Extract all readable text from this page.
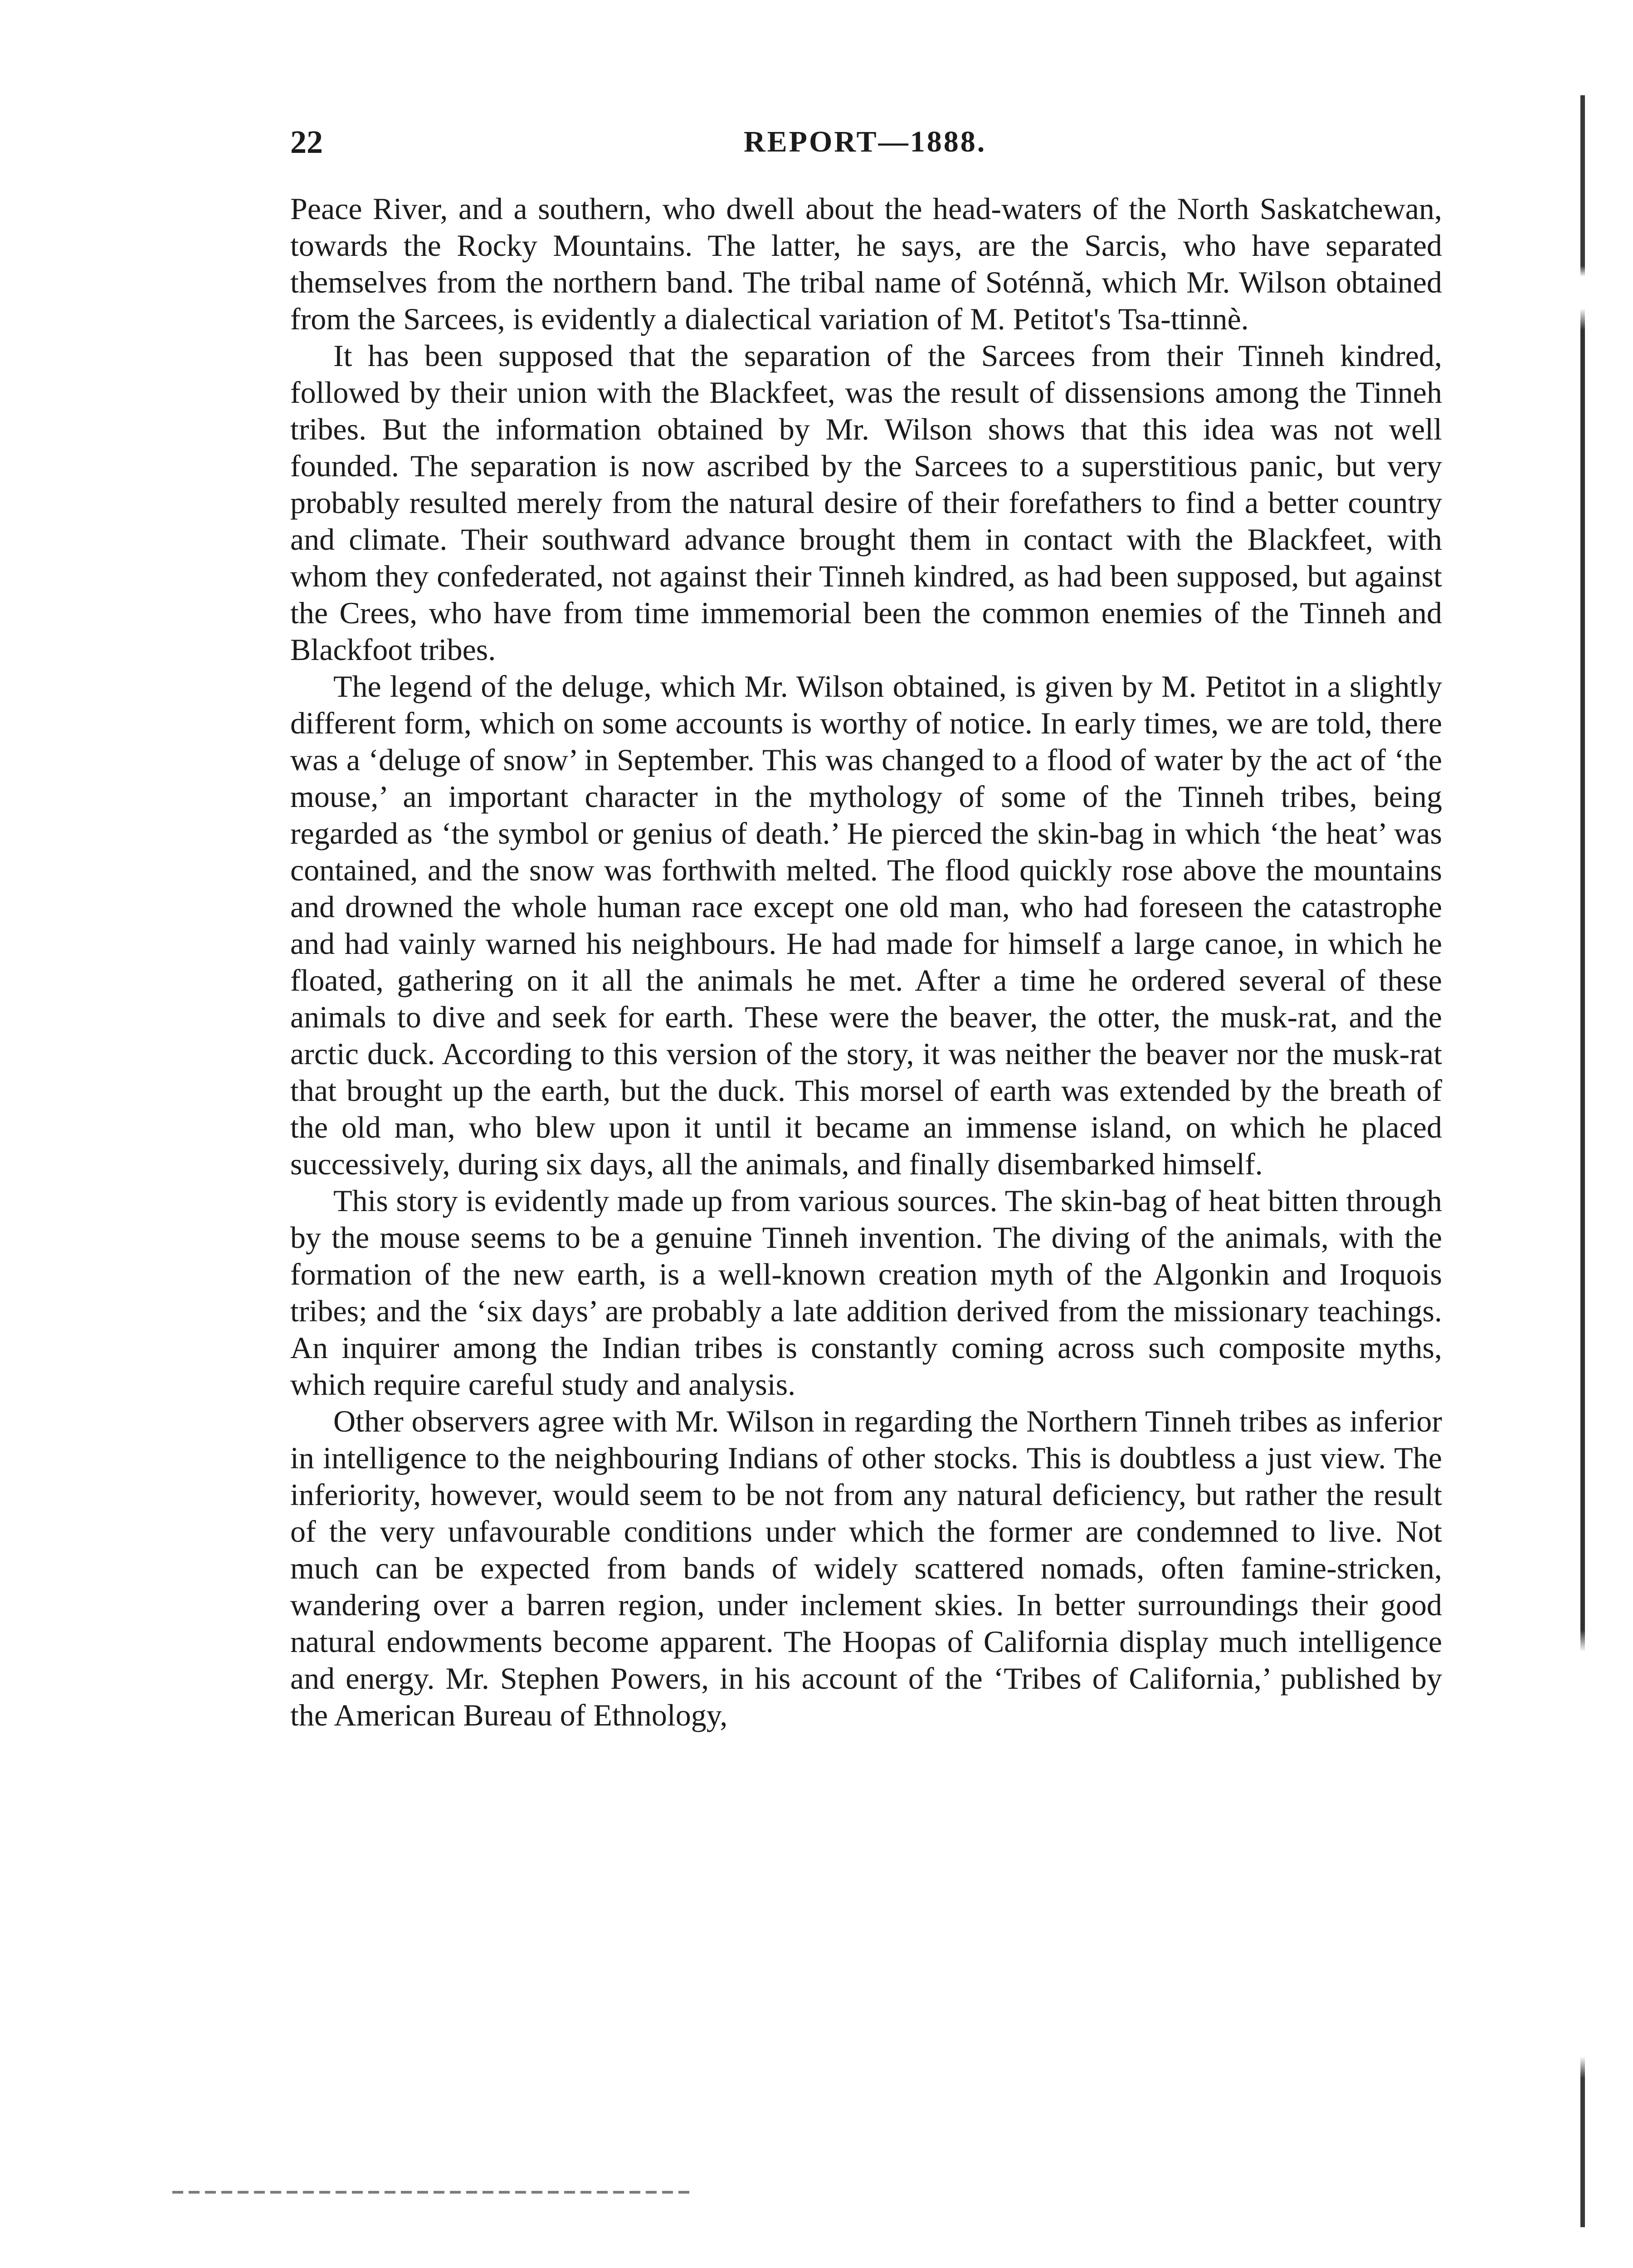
22	REPORT—1888.

Peace River, and a southern, who dwell about the head-waters of the North Saskatchewan, towards the Rocky Mountains. The latter, he says, are the Sarcis, who have separated themselves from the northern band. The tribal name of Soténnă, which Mr. Wilson obtained from the Sarcees, is evidently a dialectical variation of M. Petitot's Tsa-ttinnè.

It has been supposed that the separation of the Sarcees from their Tinneh kindred, followed by their union with the Blackfeet, was the result of dissensions among the Tinneh tribes. But the information obtained by Mr. Wilson shows that this idea was not well founded. The separation is now ascribed by the Sarcees to a superstitious panic, but very probably resulted merely from the natural desire of their forefathers to find a better country and climate. Their southward advance brought them in contact with the Blackfeet, with whom they confederated, not against their Tinneh kindred, as had been supposed, but against the Crees, who have from time immemorial been the common enemies of the Tinneh and Blackfoot tribes.

The legend of the deluge, which Mr. Wilson obtained, is given by M. Petitot in a slightly different form, which on some accounts is worthy of notice. In early times, we are told, there was a ‘deluge of snow’ in September. This was changed to a flood of water by the act of ‘the mouse,’ an important character in the mythology of some of the Tinneh tribes, being regarded as ‘the symbol or genius of death.’ He pierced the skin-bag in which ‘the heat’ was contained, and the snow was forthwith melted. The flood quickly rose above the mountains and drowned the whole human race except one old man, who had foreseen the catastrophe and had vainly warned his neighbours. He had made for himself a large canoe, in which he floated, gathering on it all the animals he met. After a time he ordered several of these animals to dive and seek for earth. These were the beaver, the otter, the musk-rat, and the arctic duck. According to this version of the story, it was neither the beaver nor the musk-rat that brought up the earth, but the duck. This morsel of earth was extended by the breath of the old man, who blew upon it until it became an immense island, on which he placed successively, during six days, all the animals, and finally disembarked himself.

This story is evidently made up from various sources. The skin-bag of heat bitten through by the mouse seems to be a genuine Tinneh invention. The diving of the animals, with the formation of the new earth, is a well-known creation myth of the Algonkin and Iroquois tribes; and the ‘six days’ are probably a late addition derived from the missionary teachings. An inquirer among the Indian tribes is constantly coming across such composite myths, which require careful study and analysis.

Other observers agree with Mr. Wilson in regarding the Northern Tinneh tribes as inferior in intelligence to the neighbouring Indians of other stocks. This is doubtless a just view. The inferiority, however, would seem to be not from any natural deficiency, but rather the result of the very unfavourable conditions under which the former are condemned to live. Not much can be expected from bands of widely scattered nomads, often famine-stricken, wandering over a barren region, under inclement skies. In better surroundings their good natural endowments become apparent. The Hoopas of California display much intelligence and energy. Mr. Stephen Powers, in his account of the ‘Tribes of California,’ published by the American Bureau of Ethnology,
